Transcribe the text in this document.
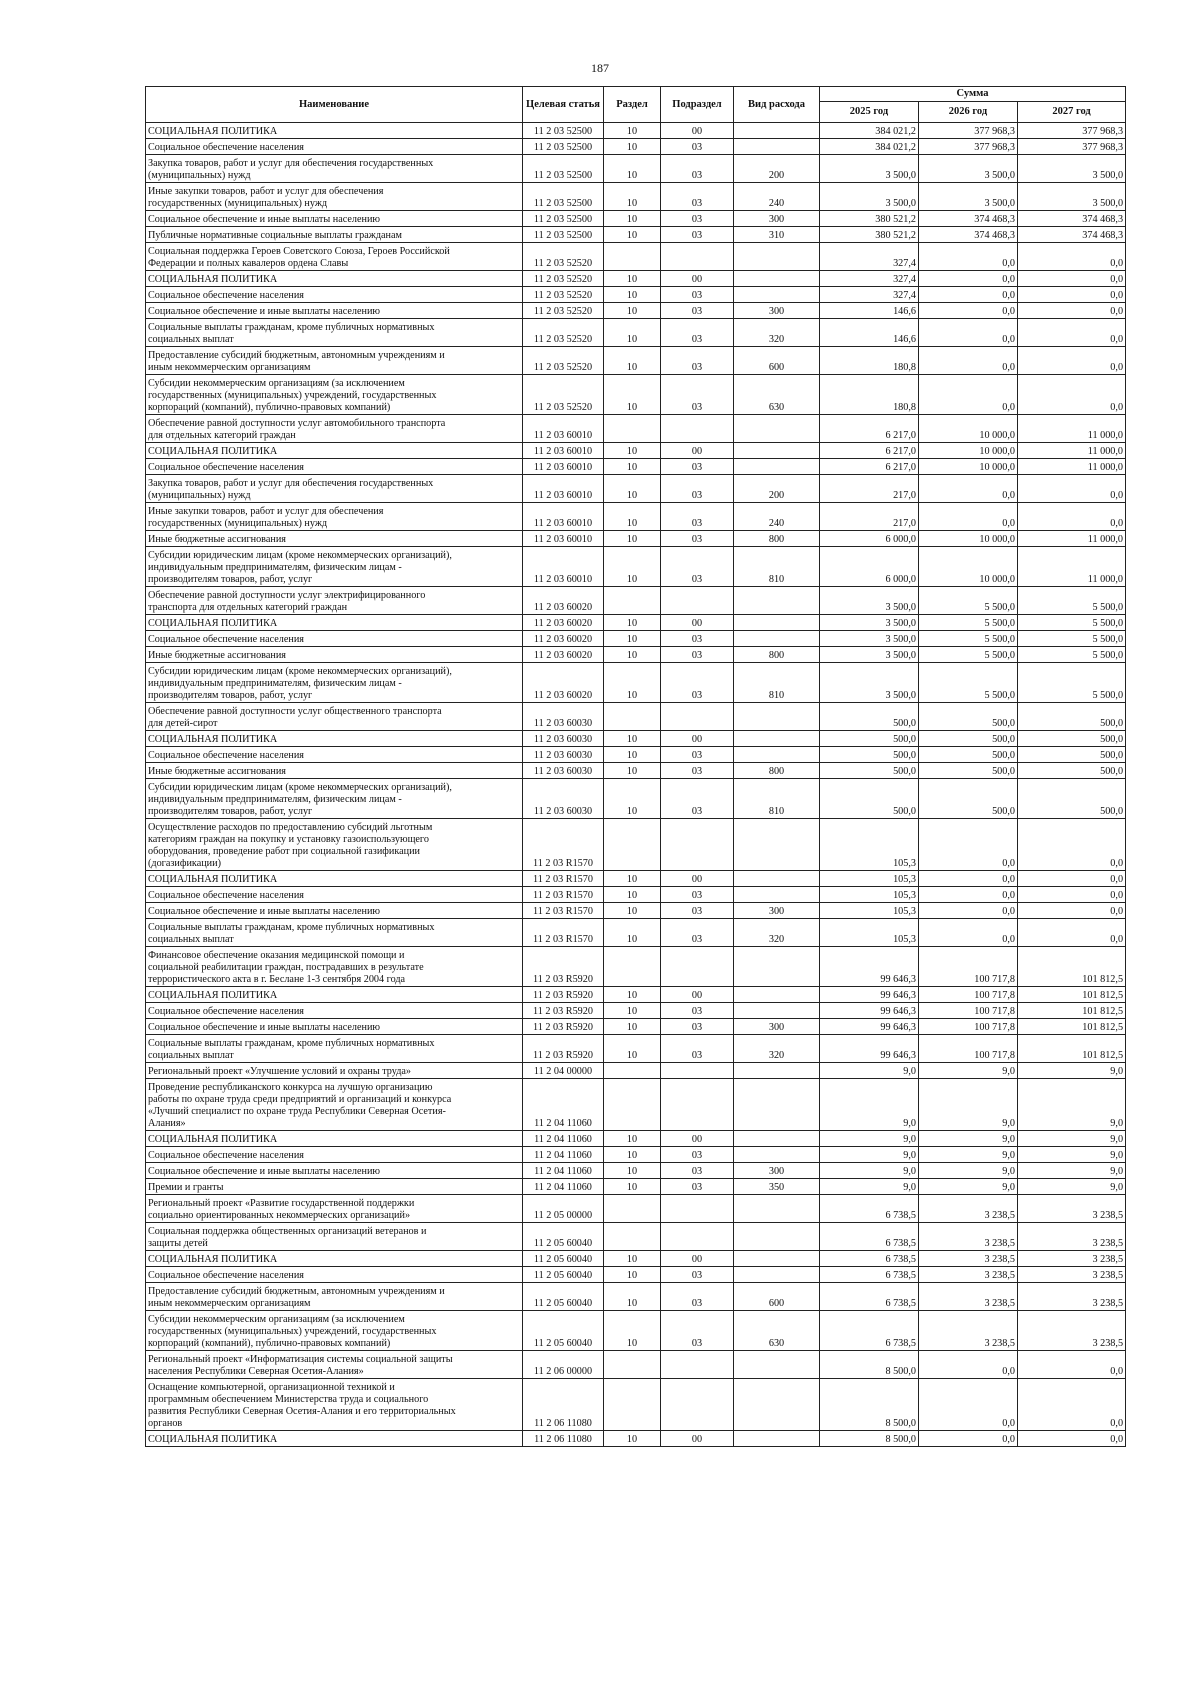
187
Наименование	Целевая статья	Раздел	Подраздел	Вид расхода	Сумма		
					2025 год	2026 год	2027 год
СОЦИАЛЬНАЯ ПОЛИТИКА	11 2 03 52500	10	00		384 021,2	377 968,3	377 968,3
Социальное обеспечение населения	11 2 03 52500	10	03		384 021,2	377 968,3	377 968,3
Закупка товаров, работ и услуг для обеспечения государственных
(муниципальных) нужд	11 2 03 52500	10	03	200	3 500,0	3 500,0	3 500,0
Иные закупки товаров, работ и услуг для обеспечения
государственных (муниципальных) нужд	11 2 03 52500	10	03	240	3 500,0	3 500,0	3 500,0
Социальное обеспечение и иные выплаты населению	11 2 03 52500	10	03	300	380 521,2	374 468,3	374 468,3
Публичные нормативные социальные выплаты гражданам	11 2 03 52500	10	03	310	380 521,2	374 468,3	374 468,3
Социальная поддержка Героев Советского Союза, Героев Российской
Федерации и полных кавалеров ордена Славы	11 2 03 52520				327,4	0,0	0,0
СОЦИАЛЬНАЯ ПОЛИТИКА	11 2 03 52520	10	00		327,4	0,0	0,0
Социальное обеспечение населения	11 2 03 52520	10	03		327,4	0,0	0,0
Социальное обеспечение и иные выплаты населению	11 2 03 52520	10	03	300	146,6	0,0	0,0
Социальные выплаты гражданам, кроме публичных нормативных
социальных выплат	11 2 03 52520	10	03	320	146,6	0,0	0,0
Предоставление субсидий бюджетным, автономным учреждениям и
иным некоммерческим организациям	11 2 03 52520	10	03	600	180,8	0,0	0,0
Субсидии некоммерческим организациям (за исключением
государственных (муниципальных) учреждений, государственных
корпораций (компаний), публично-правовых компаний)	11 2 03 52520	10	03	630	180,8	0,0	0,0
Обеспечение равной доступности услуг автомобильного транспорта
для отдельных категорий граждан	11 2 03 60010				6 217,0	10 000,0	11 000,0
СОЦИАЛЬНАЯ ПОЛИТИКА	11 2 03 60010	10	00		6 217,0	10 000,0	11 000,0
Социальное обеспечение населения	11 2 03 60010	10	03		6 217,0	10 000,0	11 000,0
Закупка товаров, работ и услуг для обеспечения государственных
(муниципальных) нужд	11 2 03 60010	10	03	200	217,0	0,0	0,0
Иные закупки товаров, работ и услуг для обеспечения
государственных (муниципальных) нужд	11 2 03 60010	10	03	240	217,0	0,0	0,0
Иные бюджетные ассигнования	11 2 03 60010	10	03	800	6 000,0	10 000,0	11 000,0
Субсидии юридическим лицам (кроме некоммерческих организаций),
индивидуальным предпринимателям, физическим лицам -
производителям товаров, работ, услуг	11 2 03 60010	10	03	810	6 000,0	10 000,0	11 000,0
Обеспечение равной доступности услуг электрифицированного
транспорта для отдельных категорий граждан	11 2 03 60020				3 500,0	5 500,0	5 500,0
СОЦИАЛЬНАЯ ПОЛИТИКА	11 2 03 60020	10	00		3 500,0	5 500,0	5 500,0
Социальное обеспечение населения	11 2 03 60020	10	03		3 500,0	5 500,0	5 500,0
Иные бюджетные ассигнования	11 2 03 60020	10	03	800	3 500,0	5 500,0	5 500,0
Субсидии юридическим лицам (кроме некоммерческих организаций),
индивидуальным предпринимателям, физическим лицам -
производителям товаров, работ, услуг	11 2 03 60020	10	03	810	3 500,0	5 500,0	5 500,0
Обеспечение равной доступности услуг общественного транспорта
для детей-сирот	11 2 03 60030				500,0	500,0	500,0
СОЦИАЛЬНАЯ ПОЛИТИКА	11 2 03 60030	10	00		500,0	500,0	500,0
Социальное обеспечение населения	11 2 03 60030	10	03		500,0	500,0	500,0
Иные бюджетные ассигнования	11 2 03 60030	10	03	800	500,0	500,0	500,0
Субсидии юридическим лицам (кроме некоммерческих организаций),
индивидуальным предпринимателям, физическим лицам -
производителям товаров, работ, услуг	11 2 03 60030	10	03	810	500,0	500,0	500,0
Осуществление расходов по предоставлению субсидий льготным
категориям граждан на покупку и установку газоиспользующего
оборудования, проведение работ при социальной газификации
(догазификации)	11 2 03 R1570				105,3	0,0	0,0
СОЦИАЛЬНАЯ ПОЛИТИКА	11 2 03 R1570	10	00		105,3	0,0	0,0
Социальное обеспечение населения	11 2 03 R1570	10	03		105,3	0,0	0,0
Социальное обеспечение и иные выплаты населению	11 2 03 R1570	10	03	300	105,3	0,0	0,0
Социальные выплаты гражданам, кроме публичных нормативных
социальных выплат	11 2 03 R1570	10	03	320	105,3	0,0	0,0
Финансовое обеспечение оказания медицинской помощи и
социальной реабилитации граждан, пострадавших в результате
террористического акта в г. Беслане 1-3 сентября 2004 года	11 2 03 R5920				99 646,3	100 717,8	101 812,5
СОЦИАЛЬНАЯ ПОЛИТИКА	11 2 03 R5920	10	00		99 646,3	100 717,8	101 812,5
Социальное обеспечение населения	11 2 03 R5920	10	03		99 646,3	100 717,8	101 812,5
Социальное обеспечение и иные выплаты населению	11 2 03 R5920	10	03	300	99 646,3	100 717,8	101 812,5
Социальные выплаты гражданам, кроме публичных нормативных
социальных выплат	11 2 03 R5920	10	03	320	99 646,3	100 717,8	101 812,5
Региональный проект «Улучшение условий и охраны труда»	11 2 04 00000				9,0	9,0	9,0
Проведение республиканского конкурса на лучшую организацию
работы по охране труда среди предприятий и организаций и конкурса
«Лучший специалист по охране труда Республики Северная Осетия-
Алания»	11 2 04 11060				9,0	9,0	9,0
СОЦИАЛЬНАЯ ПОЛИТИКА	11 2 04 11060	10	00		9,0	9,0	9,0
Социальное обеспечение населения	11 2 04 11060	10	03		9,0	9,0	9,0
Социальное обеспечение и иные выплаты населению	11 2 04 11060	10	03	300	9,0	9,0	9,0
Премии и гранты	11 2 04 11060	10	03	350	9,0	9,0	9,0
Региональный проект «Развитие государственной поддержки
социально ориентированных некоммерческих организаций»	11 2 05 00000				6 738,5	3 238,5	3 238,5
Социальная поддержка общественных организаций ветеранов и
защиты детей	11 2 05 60040				6 738,5	3 238,5	3 238,5
СОЦИАЛЬНАЯ ПОЛИТИКА	11 2 05 60040	10	00		6 738,5	3 238,5	3 238,5
Социальное обеспечение населения	11 2 05 60040	10	03		6 738,5	3 238,5	3 238,5
Предоставление субсидий бюджетным, автономным учреждениям и
иным некоммерческим организациям	11 2 05 60040	10	03	600	6 738,5	3 238,5	3 238,5
Субсидии некоммерческим организациям (за исключением
государственных (муниципальных) учреждений, государственных
корпораций (компаний), публично-правовых компаний)	11 2 05 60040	10	03	630	6 738,5	3 238,5	3 238,5
Региональный проект «Информатизация системы социальной защиты
населения Республики Северная Осетия-Алания»	11 2 06 00000				8 500,0	0,0	0,0
Оснащение компьютерной, организационной техникой и
программным обеспечением Министерства труда и социального
развития Республики Северная Осетия-Алания и его территориальных
органов	11 2 06 11080				8 500,0	0,0	0,0
СОЦИАЛЬНАЯ ПОЛИТИКА	11 2 06 11080	10	00		8 500,0	0,0	0,0
